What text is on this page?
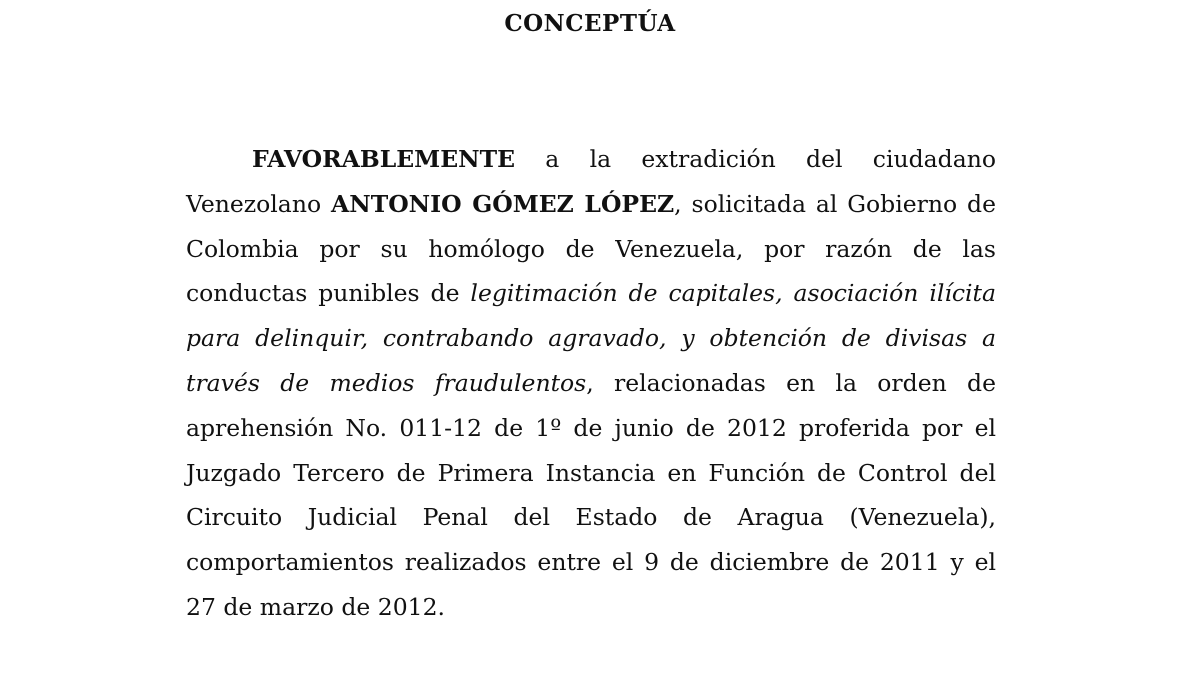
CONCEPTÚA

FAVORABLEMENTE a la extradición del ciudadano Venezolano ANTONIO GÓMEZ LÓPEZ, solicitada al Gobierno de Colombia por su homólogo de Venezuela, por razón de las conductas punibles de legitimación de capitales, asociación ilícita para delinquir, contrabando agravado, y obtención de divisas a través de medios fraudulentos, relacionadas en la orden de aprehensión No. 011-12 de 1º de junio de 2012 proferida por el Juzgado Tercero de Primera Instancia en Función de Control del Circuito Judicial Penal del Estado de Aragua (Venezuela), comportamientos realizados entre el 9 de diciembre de 2011 y el 27 de marzo de 2012.
